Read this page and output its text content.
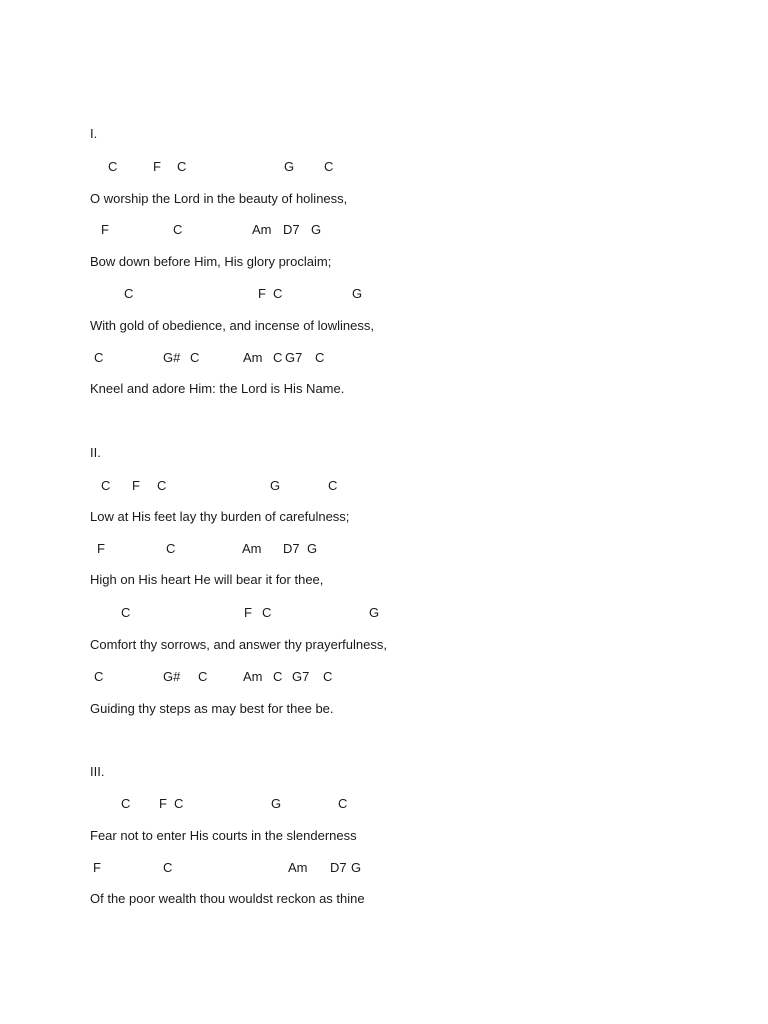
I.

C

	F

C

	G

C

O worship the Lord in the beauty of holiness,

F

	C

	Am

D7

G

Bow down before Him, His glory proclaim;

C

	F

C

	G

With gold of obedience, and incense of lowliness,

C

	G#

C

	Am

C

G7

C

Kneel and adore Him: the Lord is His Name.
II.

C

F

C

	G

	C

Low at His feet lay thy burden of carefulness;

F

	C

	Am

D7

G

High on His heart He will bear it for thee,

C

	F

C

	G

Comfort thy sorrows, and answer thy prayerfulness,

C

	G#

C

	Am

C

G7

C

Guiding thy steps as may best for thee be.
III.

C

F

C

	G

	C

Fear not to enter His courts in the slenderness

F

	C

	Am

D7

G

Of the poor wealth thou wouldst reckon as thine
